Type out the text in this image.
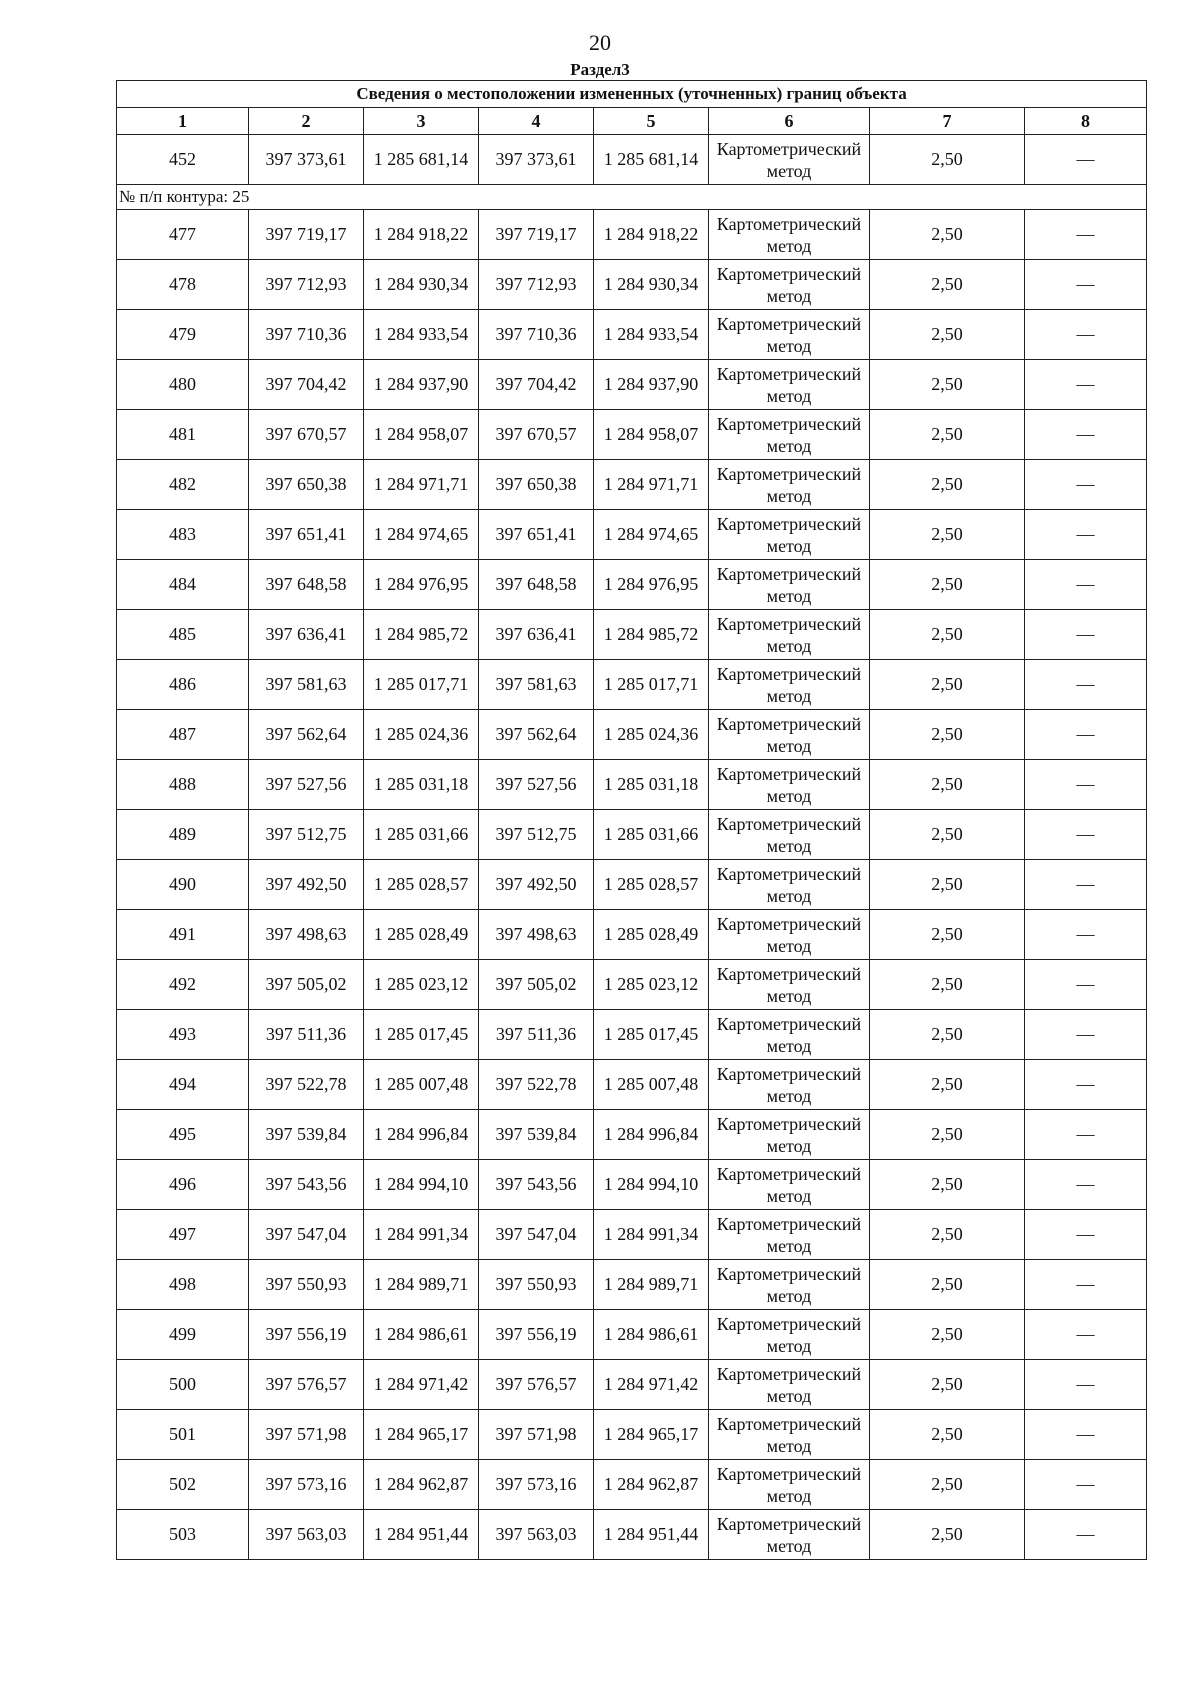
20
Раздел3
Сведения о местоположении измененных (уточненных) границ объекта							
1	2	3	4	5	6	7	8
452	397 373,61	1 285 681,14	397 373,61	1 285 681,14	Картометрический метод	2,50	—
№ п/п контура: 25							
477	397 719,17	1 284 918,22	397 719,17	1 284 918,22	Картометрический метод	2,50	—
478	397 712,93	1 284 930,34	397 712,93	1 284 930,34	Картометрический метод	2,50	—
479	397 710,36	1 284 933,54	397 710,36	1 284 933,54	Картометрический метод	2,50	—
480	397 704,42	1 284 937,90	397 704,42	1 284 937,90	Картометрический метод	2,50	—
481	397 670,57	1 284 958,07	397 670,57	1 284 958,07	Картометрический метод	2,50	—
482	397 650,38	1 284 971,71	397 650,38	1 284 971,71	Картометрический метод	2,50	—
483	397 651,41	1 284 974,65	397 651,41	1 284 974,65	Картометрический метод	2,50	—
484	397 648,58	1 284 976,95	397 648,58	1 284 976,95	Картометрический метод	2,50	—
485	397 636,41	1 284 985,72	397 636,41	1 284 985,72	Картометрический метод	2,50	—
486	397 581,63	1 285 017,71	397 581,63	1 285 017,71	Картометрический метод	2,50	—
487	397 562,64	1 285 024,36	397 562,64	1 285 024,36	Картометрический метод	2,50	—
488	397 527,56	1 285 031,18	397 527,56	1 285 031,18	Картометрический метод	2,50	—
489	397 512,75	1 285 031,66	397 512,75	1 285 031,66	Картометрический метод	2,50	—
490	397 492,50	1 285 028,57	397 492,50	1 285 028,57	Картометрический метод	2,50	—
491	397 498,63	1 285 028,49	397 498,63	1 285 028,49	Картометрический метод	2,50	—
492	397 505,02	1 285 023,12	397 505,02	1 285 023,12	Картометрический метод	2,50	—
493	397 511,36	1 285 017,45	397 511,36	1 285 017,45	Картометрический метод	2,50	—
494	397 522,78	1 285 007,48	397 522,78	1 285 007,48	Картометрический метод	2,50	—
495	397 539,84	1 284 996,84	397 539,84	1 284 996,84	Картометрический метод	2,50	—
496	397 543,56	1 284 994,10	397 543,56	1 284 994,10	Картометрический метод	2,50	—
497	397 547,04	1 284 991,34	397 547,04	1 284 991,34	Картометрический метод	2,50	—
498	397 550,93	1 284 989,71	397 550,93	1 284 989,71	Картометрический метод	2,50	—
499	397 556,19	1 284 986,61	397 556,19	1 284 986,61	Картометрический метод	2,50	—
500	397 576,57	1 284 971,42	397 576,57	1 284 971,42	Картометрический метод	2,50	—
501	397 571,98	1 284 965,17	397 571,98	1 284 965,17	Картометрический метод	2,50	—
502	397 573,16	1 284 962,87	397 573,16	1 284 962,87	Картометрический метод	2,50	—
503	397 563,03	1 284 951,44	397 563,03	1 284 951,44	Картометрический метод	2,50	—
